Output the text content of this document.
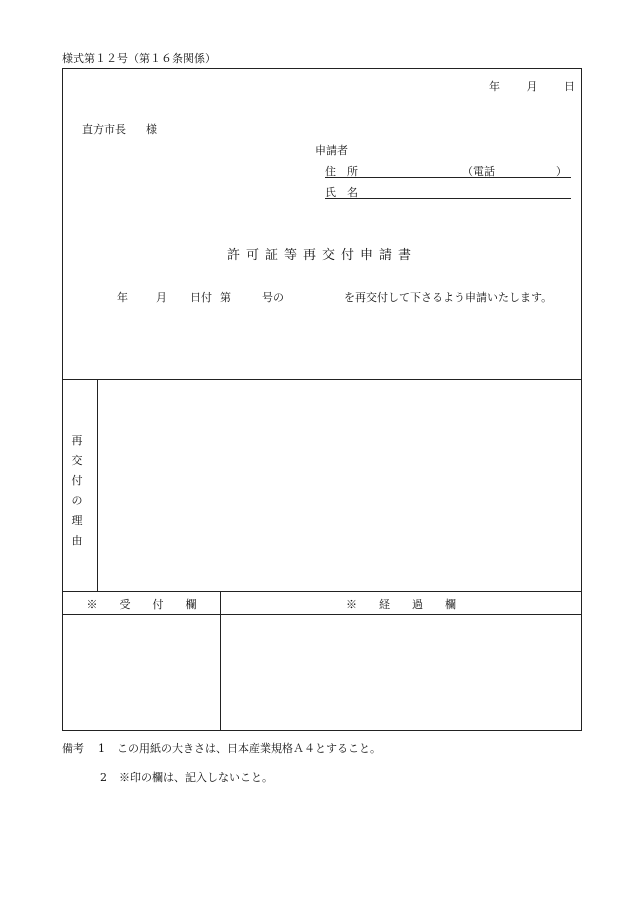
様式第１２号（第１６条関係）
年 月 日
直方市長 様
申請者
住　所	（電話	）
氏　名
許可証等再交付申請書
年	月 日付 第	号の	を再交付して下さるよう申請いたします。
再
交
付
の
理
由
※　　受　　付　　欄	※　　経　　過　　欄
備考 1 この用紙の大きさは、日本産業規格Ａ４とすること。
2 ※印の欄は、記入しないこと。
